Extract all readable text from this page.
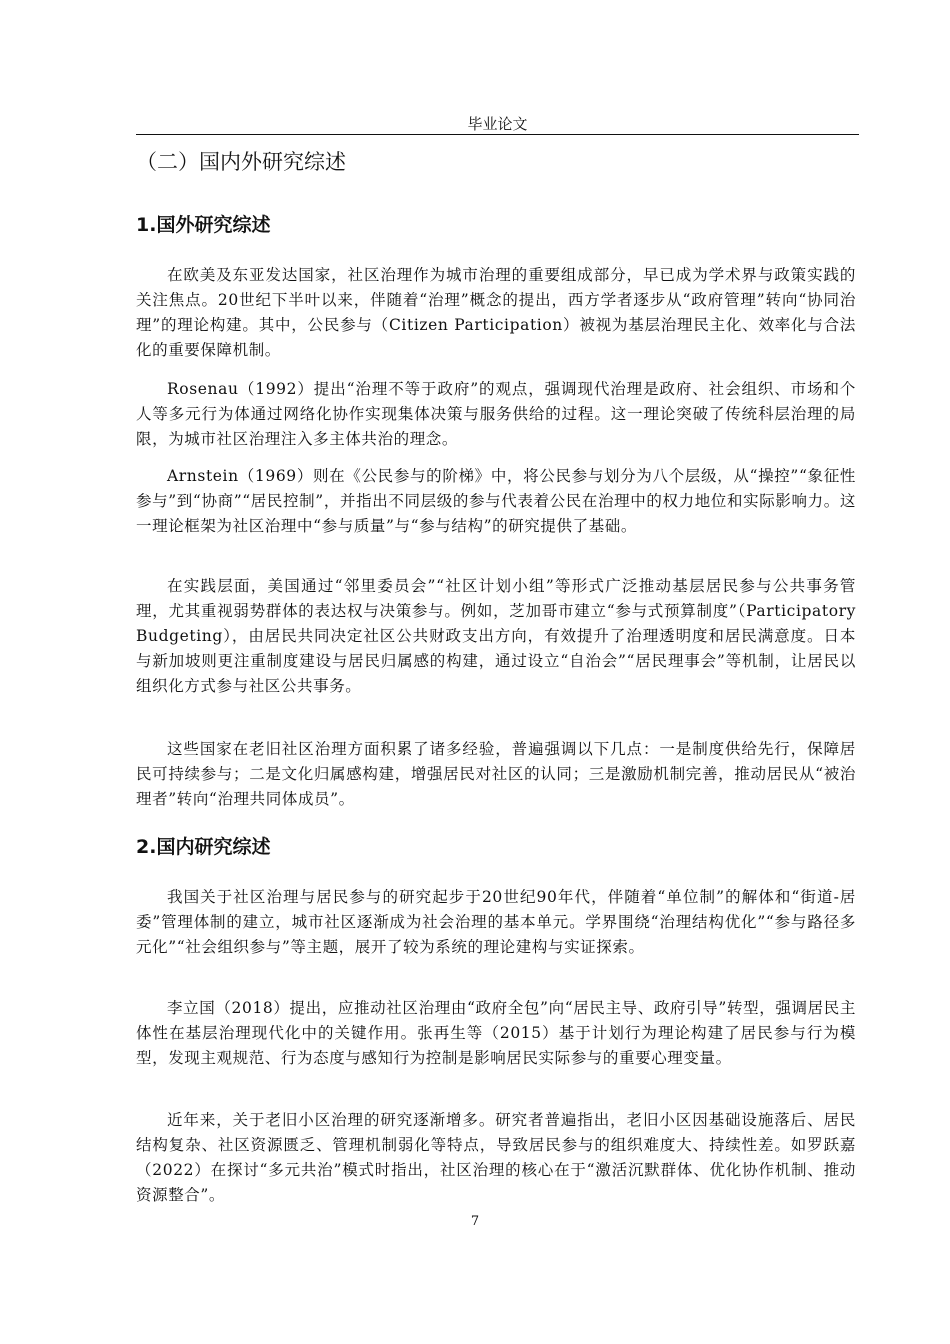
毕业论文
（二）国内外研究综述
1.国外研究综述

在欧美及东亚发达国家，社区治理作为城市治理的重要组成部分，早已成为学术界与政策实践的关注焦点。20世纪下半叶以来，伴随着“治理”概念的提出，西方学者逐步从“政府管理”转向“协同治理”的理论构建。其中，公民参与（Citizen Participation）被视为基层治理民主化、效率化与合法化的重要保障机制。

Rosenau（1992）提出“治理不等于政府”的观点，强调现代治理是政府、社会组织、市场和个人等多元行为体通过网络化协作实现集体决策与服务供给的过程。这一理论突破了传统科层治理的局限，为城市社区治理注入多主体共治的理念。

Arnstein（1969）则在《公民参与的阶梯》中，将公民参与划分为八个层级，从“操控”“象征性参与”到“协商”“居民控制”，并指出不同层级的参与代表着公民在治理中的权力地位和实际影响力。这一理论框架为社区治理中“参与质量”与“参与结构”的研究提供了基础。

在实践层面，美国通过“邻里委员会”“社区计划小组”等形式广泛推动基层居民参与公共事务管理，尤其重视弱势群体的表达权与决策参与。例如，芝加哥市建立“参与式预算制度”（Participatory Budgeting），由居民共同决定社区公共财政支出方向，有效提升了治理透明度和居民满意度。日本与新加坡则更注重制度建设与居民归属感的构建，通过设立“自治会”“居民理事会”等机制，让居民以组织化方式参与社区公共事务。

这些国家在老旧社区治理方面积累了诸多经验，普遍强调以下几点：一是制度供给先行，保障居民可持续参与；二是文化归属感构建，增强居民对社区的认同；三是激励机制完善，推动居民从“被治理者”转向“治理共同体成员”。

2.国内研究综述

我国关于社区治理与居民参与的研究起步于20世纪90年代，伴随着“单位制”的解体和“街道-居委”管理体制的建立，城市社区逐渐成为社会治理的基本单元。学界围绕“治理结构优化”“参与路径多元化”“社会组织参与”等主题，展开了较为系统的理论建构与实证探索。

李立国（2018）提出，应推动社区治理由“政府全包”向“居民主导、政府引导”转型，强调居民主体性在基层治理现代化中的关键作用。张再生等（2015）基于计划行为理论构建了居民参与行为模型，发现主观规范、行为态度与感知行为控制是影响居民实际参与的重要心理变量。

近年来，关于老旧小区治理的研究逐渐增多。研究者普遍指出，老旧小区因基础设施落后、居民结构复杂、社区资源匮乏、管理机制弱化等特点，导致居民参与的组织难度大、持续性差。如罗跃嘉（2022）在探讨“多元共治”模式时指出，社区治理的核心在于“激活沉默群体、优化协作机制、推动资源整合”。

7
